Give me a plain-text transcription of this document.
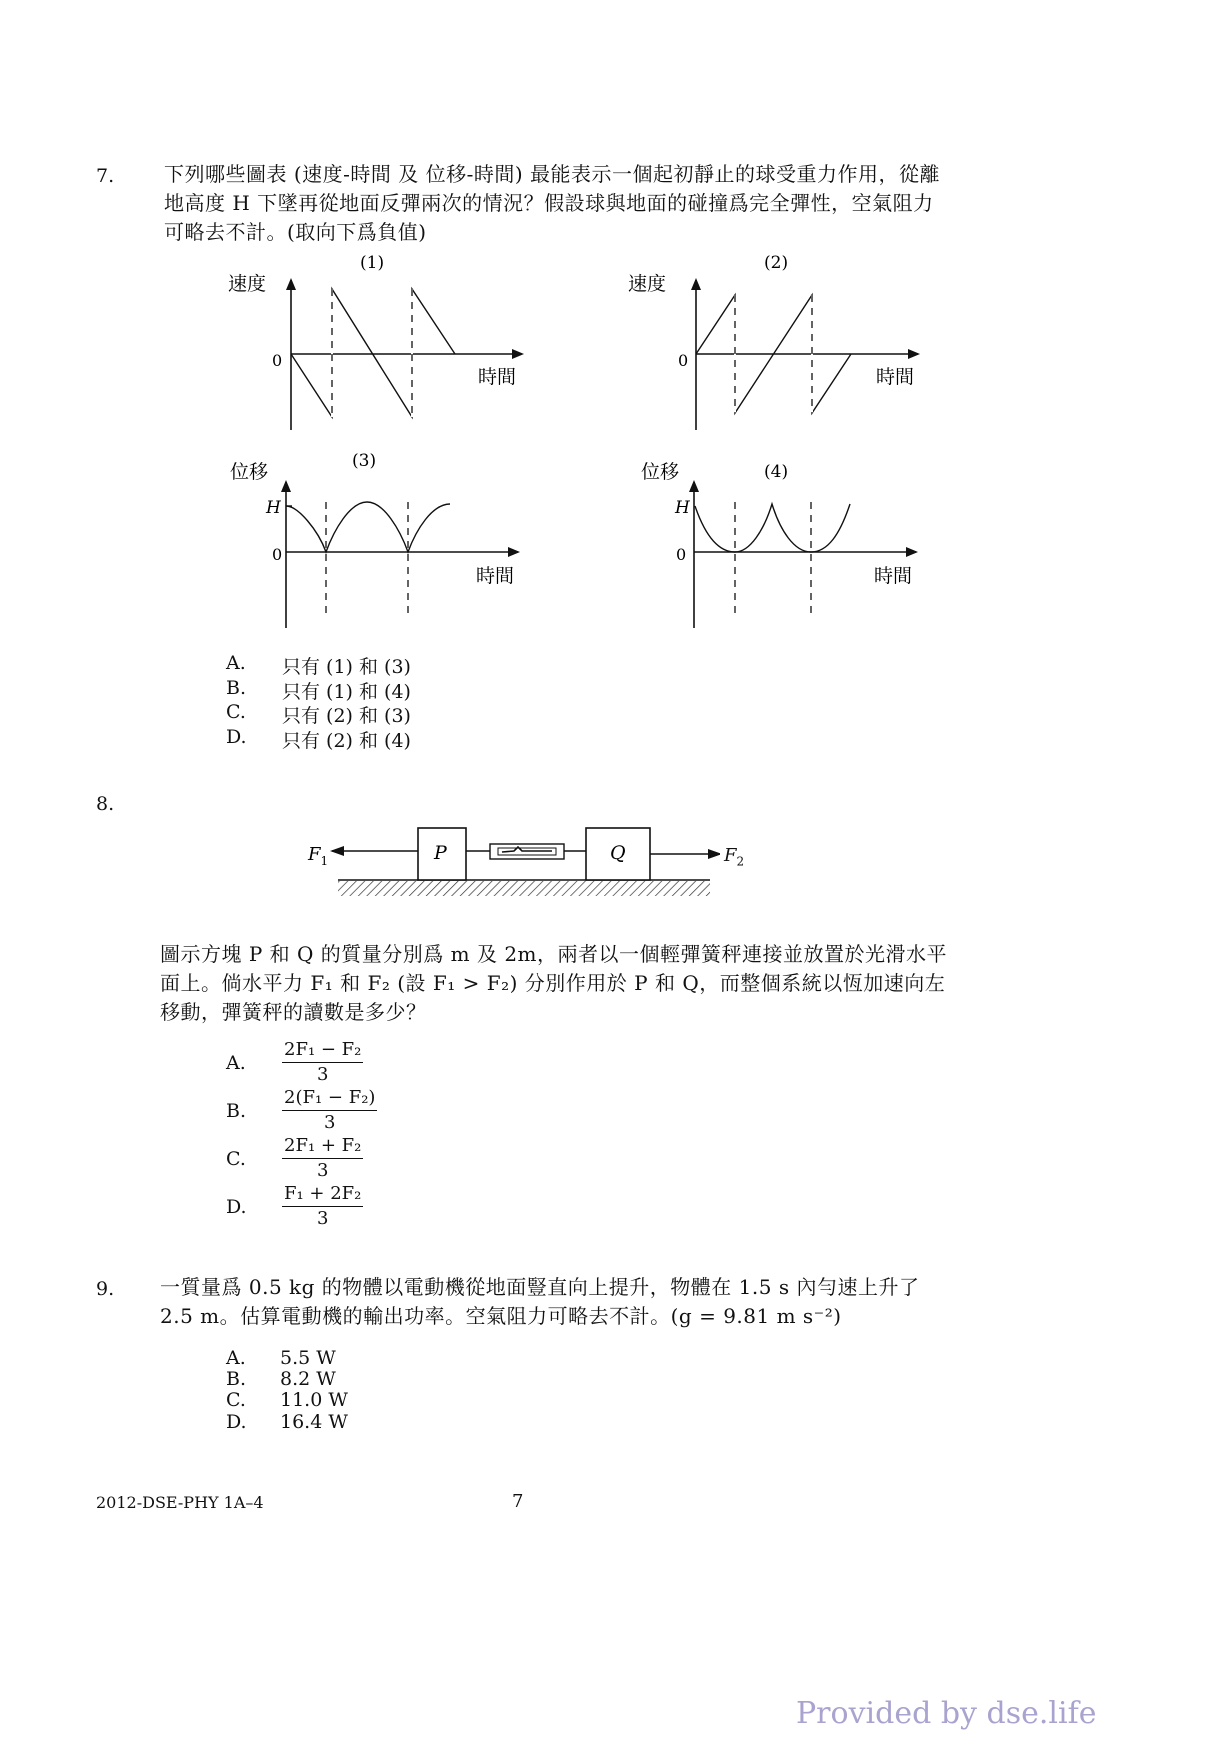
7. 下列哪些圖表 (速度-時間 及 位移-時間) 最能表示一個起初靜止的球受重力作用，從離
地高度 H 下墜再從地面反彈兩次的情況？假設球與地面的碰撞爲完全彈性，空氣阻力
可略去不計。(取向下爲負值)
(1)
速度
0
時間
(2)
速度
0
時間
(3)
位移
H
0
時間
(4)
位移
H
0
時間
A. 只有 (1) 和 (3)
B. 只有 (1) 和 (4)
C. 只有 (2) 和 (3)
D. 只有 (2) 和 (4)
8.
P	Q
$F_1$	$F_2$
圖示方塊 P 和 Q 的質量分別爲 m 及 2m，兩者以一個輕彈簧秤連接並放置於光滑水平
面上。倘水平力 F₁ 和 F₂ (設 F₁ > F₂) 分別作用於 P 和 Q，而整個系統以恆加速向左
移動，彈簧秤的讀數是多少？
A. $\frac{\text{2F₁ − F₂}}{3}$
B. $\frac{\text{2(F₁ − F₂)}}{3}$
C. $\frac{\text{2F₁ + F₂}}{3}$
D. $\frac{\text{F₁ + 2F₂}}{3}$
9. 一質量爲 0.5 kg 的物體以電動機從地面豎直向上提升，物體在 1.5 s 內勻速上升了
2.5 m。估算電動機的輸出功率。空氣阻力可略去不計。(g = 9.81 m s⁻²)
A. 5.5 W
B. 8.2 W
C. 11.0 W
D. 16.4 W
2012-DSE-PHY 1A–4	7
Provided by dse.life
